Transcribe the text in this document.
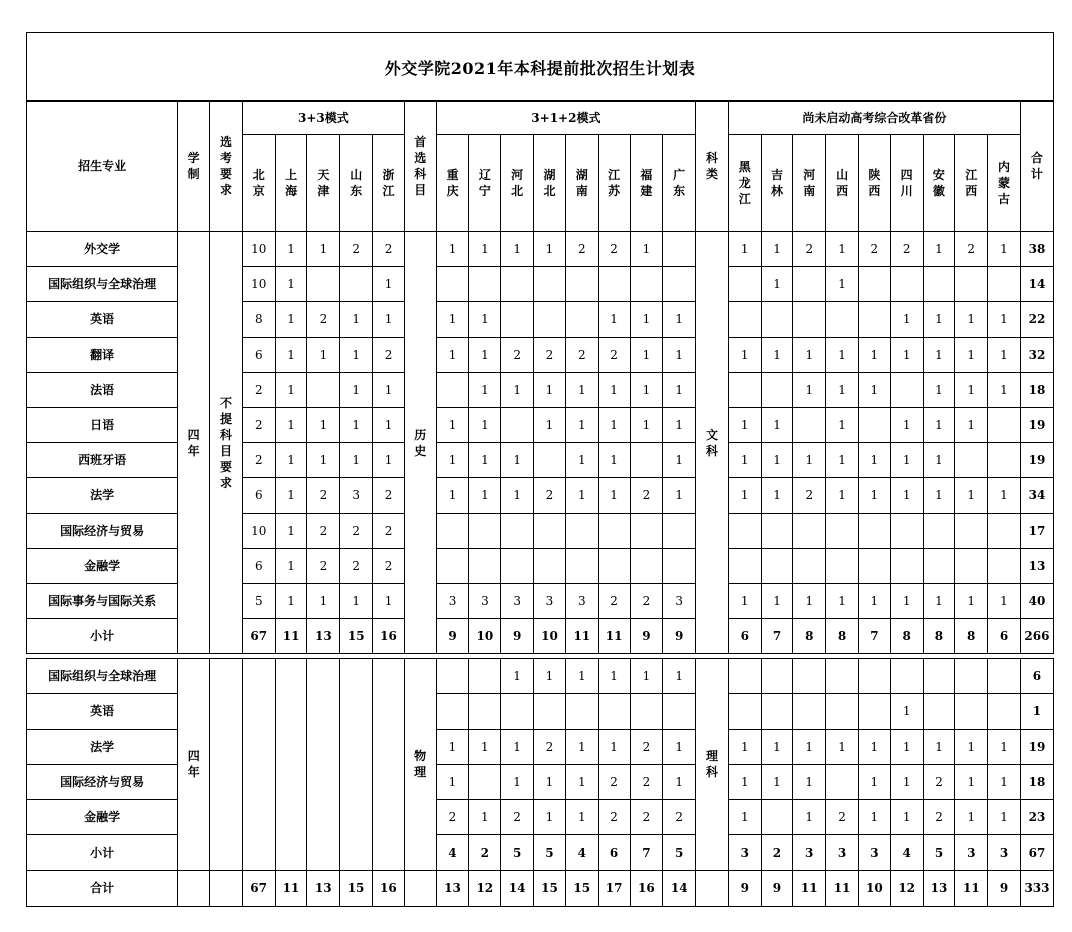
外交学院2021年本科提前批次招生计划表
招生专业	学制	选考要求	3+3模式					首选科目	3+1+2模式								科类	尚未启动高考综合改革省份									合计
			北京	上海	天津	山东	浙江		重庆	辽宁	河北	湖北	湖南	江苏	福建	广东		黑龙江	吉林	河南	山西	陕西	四川	安徽	江西	内蒙古	
外交学	四年	不提科目要求	10	1	1	2	2	历史	1	1	1	1	2	2	1		文科	1	1	2	1	2	2	1	2	1	38
国际组织与全球治理			10	1			1												1		1						14
英语			8	1	2	1	1		1	1				1	1	1							1	1	1	1	22
翻译			6	1	1	1	2		1	1	2	2	2	2	1	1		1	1	1	1	1	1	1	1	1	32
法语			2	1		1	1			1	1	1	1	1	1	1				1	1	1		1	1	1	18
日语			2	1	1	1	1		1	1		1	1	1	1	1		1	1		1		1	1	1		19
西班牙语			2	1	1	1	1		1	1	1		1	1		1		1	1	1	1	1	1	1			19
法学			6	1	2	3	2		1	1	1	2	1	1	2	1		1	1	2	1	1	1	1	1	1	34
国际经济与贸易			10	1	2	2	2																				17
金融学			6	1	2	2	2																				13
国际事务与国际关系			5	1	1	1	1		3	3	3	3	3	2	2	3		1	1	1	1	1	1	1	1	1	40
小计			67	11	13	15	16		9	10	9	10	11	11	9	9		6	7	8	8	7	8	8	8	6	266
国际组织与全球治理	四年							物理			1	1	1	1	1	1	理科										6
英语																							1				1
法学									1	1	1	2	1	1	2	1		1	1	1	1	1	1	1	1	1	19
国际经济与贸易									1		1	1	1	2	2	1		1	1	1		1	1	2	1	1	18
金融学									2	1	2	1	1	2	2	2		1		1	2	1	1	2	1	1	23
小计									4	2	5	5	4	6	7	5		3	2	3	3	3	4	5	3	3	67
合计			67	11	13	15	16		13	12	14	15	15	17	16	14		9	9	11	11	10	12	13	11	9	333
